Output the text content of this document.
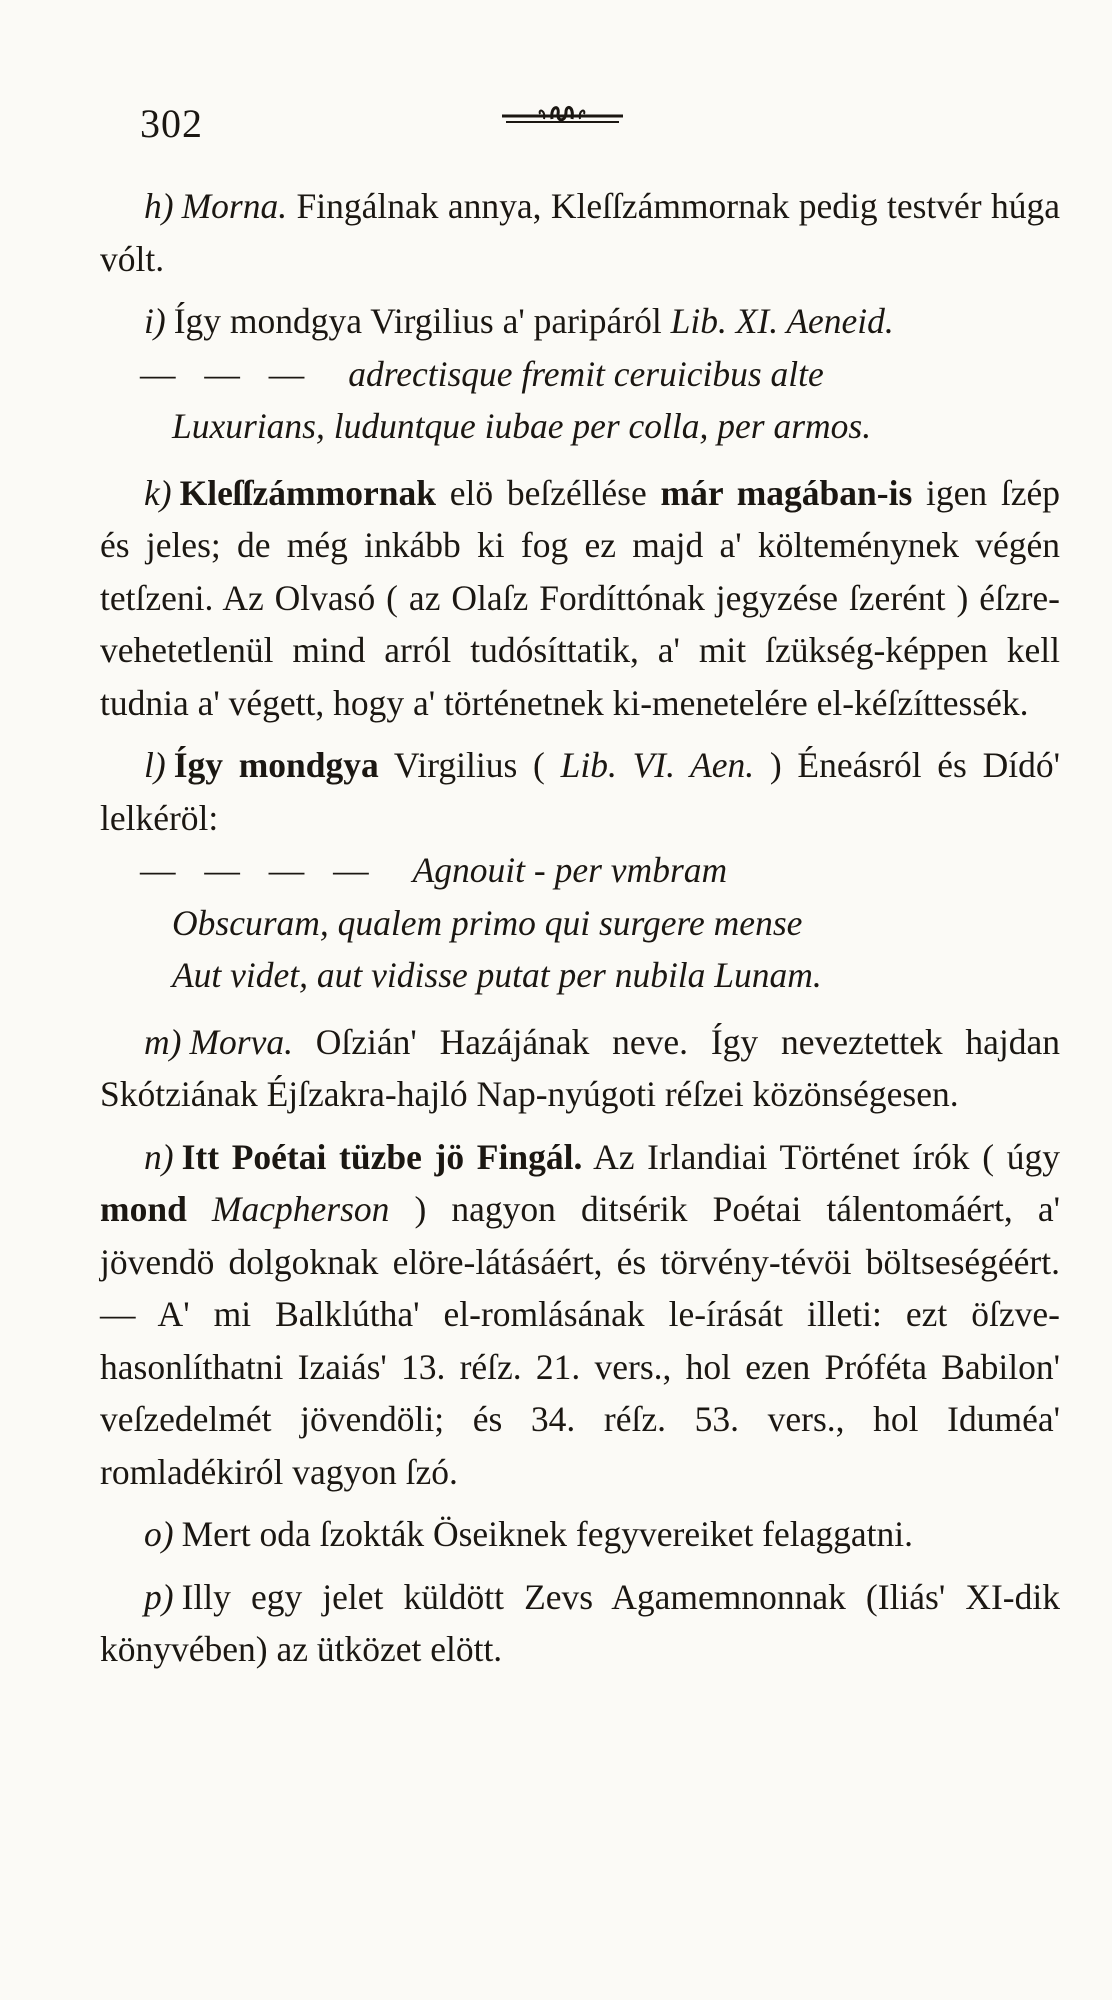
302

h) Morna. Fingálnak annya, Kleſſzámmornak pedig testvér húga vólt.

i) Így mondgya Virgilius a' paripáról Lib. XI. Aeneid.

— — — adrectisque fremit ceruicibus alte

Luxurians, luduntque iubae per colla, per armos.

k) Kleſſzámmornak elö beſzéllése már magában-is igen ſzép és jeles; de még inkább ki fog ez majd a' költeménynek végén tetſzeni. Az Olvasó ( az Olaſz Fordíttónak jegyzése ſzerént ) éſzre-vehetetlenül mind arról tudósíttatik, a' mit ſzükség-képpen kell tudnia a' végett, hogy a' történetnek ki-menetelére el-kéſzíttessék.

l) Így mondgya Virgilius ( Lib. VI. Aen. ) Éneásról és Dídó' lelkéröl:

— — — — Agnouit - per vmbram

Obscuram, qualem primo qui surgere mense

Aut videt, aut vidisse putat per nubila Lunam.

m) Morva. Oſzián' Hazájának neve. Így neveztettek hajdan Skótziának Éjſzakra-hajló Nap-nyúgoti réſzei közönségesen.

n) Itt Poétai tüzbe jö Fingál. Az Irlandiai Történet írók ( úgy mond Macpherson ) nagyon ditsérik Poétai tálentomáért, a' jövendö dolgoknak elöre-látásáért, és törvény-tévöi böltseségéért. — A' mi Balklútha' el-romlásának le-írását illeti: ezt öſzve-hasonlíthatni Izaiás' 13. réſz. 21. vers., hol ezen Próféta Babilon' veſzedelmét jövendöli; és 34. réſz. 53. vers., hol Iduméa' romladékiról vagyon ſzó.

o) Mert oda ſzokták Öseiknek fegyvereiket felaggatni.

p) Illy egy jelet küldött Zevs Agamemnonnak (Iliás' XI-dik könyvében) az ütközet elött.
